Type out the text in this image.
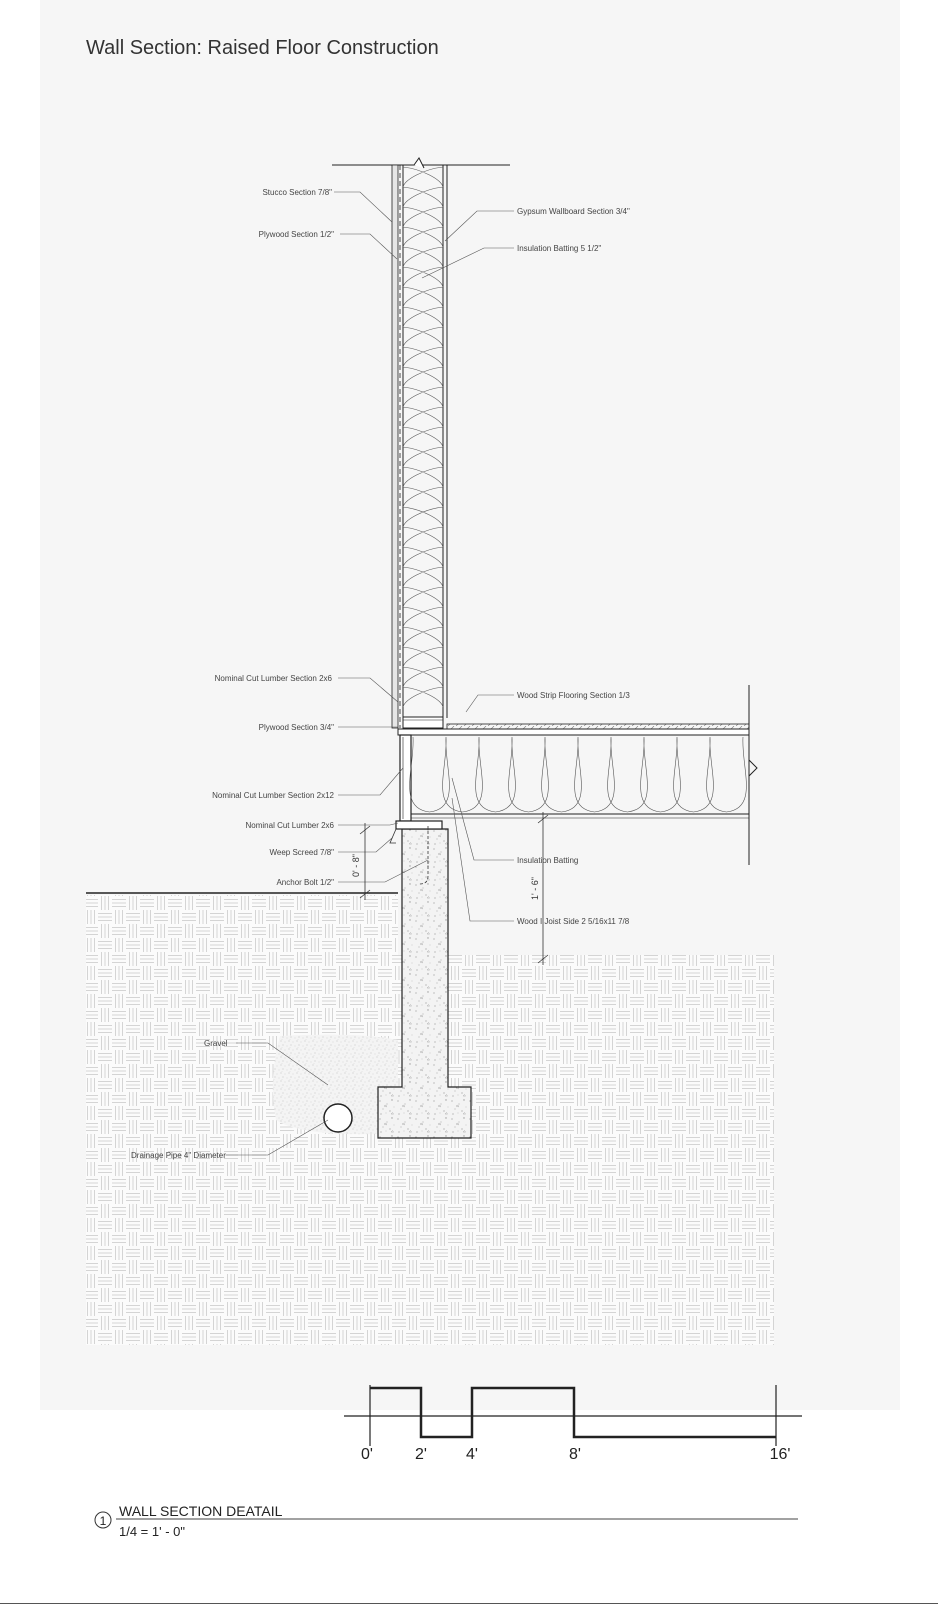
Wall Section: Raised Floor Construction
0' - 8"
1' - 6"
Stucco Section 7/8"
Plywood Section 1/2"
Gypsum Wallboard Section 3/4"
Insulation Batting 5 1/2"
Nominal Cut Lumber Section 2x6
Wood Strip Flooring Section 1/3
Plywood Section 3/4"
Nominal Cut Lumber Section 2x12
Nominal Cut Lumber 2x6
Weep Screed 7/8"
Anchor Bolt 1/2"
Insulation Batting
Wood I Joist Side 2 5/16x11 7/8
Gravel
Drainage Pipe 4" Diameter
0'	2' 4'	8'	16'
1
WALL SECTION DEATAIL
1/4 = 1' - 0"
